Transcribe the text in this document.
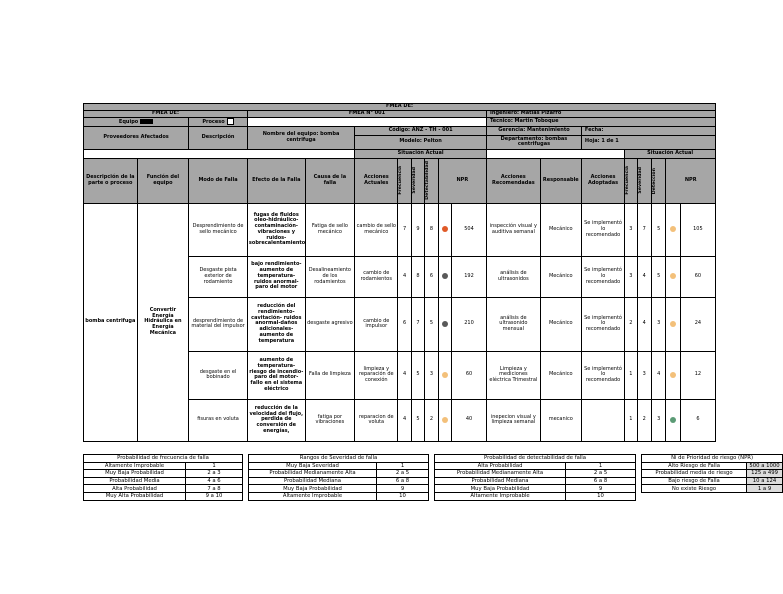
FMEA DE:																		
FMEA DE:			FMEA N° 001								Ingeniero: Matias Pizarro							
Equipo		Proceso									Técnico: Martin Toboque							
Proveedores Afectados		Descripción	Nombre del equipo: bomba centrifuga		Código: ANZ - TH - 001						Gerencia: Mantenimiento		Fecha:					
					Modelo: Pelton						Departamento: bombas centrifugas		Hoja: 1 de 1					
					Situación Actual									Situación Actual				
Descripción de la parte o proceso	Función del equipo	Modo de Falla	Efecto de la Falla	Causa de la falla	Acciones Actuales	Frecuencia	Severidad	Detectabilidad	NPR		Acciones Recomendadas	Responsable	Acciones Adoptadas	Frecuencia	Severidad	Detección	NPR	
bomba centrifuga	Convertir Energía Hidráulica en Energía Mecánica	Desprendimiento de sello mecánico	fugas de fluidos oleo-hidráulico-contaminación-vibraciones y ruidos-sobrecalentamiento	Fatiga de sello mecánico	cambio de sello mecánico	7	9	8		504	inspección visual y auditiva semanal	Mecánico	Se implementó lo recomendado	3	7	5		105
		Desgaste pista exterior de rodamiento	bajo rendimiento-aumento de temperatura-ruidos anormal-paro del motor	Desalineamiento de los rodamientos	cambio de rodamientos	4	8	6		192	análisis de ultrasonidos	Mecánico	Se implementó lo recomendado	3	4	5		60
		desprendimiento de material del impulsor	reducción del rendimiento-cavitación- ruidos anormal-daños adicionales-aumento de temperatura	desgaste agresivo	cambio de impulsor	6	7	5		210	análisis de ultrasonido mensual	Mecánico	Se implementó lo recomendado	2	4	3		24
		desgaste en el bobinado	aumento de temperatura-riesgo de incendio-paro del motor- fallo en el sistema eléctrico	Falla de limpieza	limpieza y reparación de conexión	4	5	3		60	Limpieza y mediciones eléctrica Trimestral	Mecánico	Se implementó lo recomendado	1	3	4		12
		fisuras en voluta	reducción de la velocidad del flujo, perdida de conversión de energías,	fatiga por vibraciones	reparacion de voluta	4	5	2		40	inepecion visual y limpieza semanal	mecanico		1	2	3		6
Probabilidad de frecuencia de falla			Rangos de Severidad de falla			Probabilidad de detectabilidad de falla			Ni de Prioridad de riesgo (NPR)	
Altamente Improbable	1		Muy Baja Severidad	1		Alta Probabilidad	1		Alto Riesgo de Falla	500 a 1000
Muy Baja Probabilidad	2 a 3		Probabilidad Medianamente Alta	2 a 5		Probabilidad Medianamente Alta	2 a 5		Probabilidad media de riesgo	125 a 499
Probabilidad Media	4 a 6		Probabilidad Mediana	6 a 8		Probabilidad Mediana	6 a 8		Bajo riesgo de Falla	10 a 124
Alta Probabilidad	7 a 8		Muy Baja Probabilidad	9		Muy Baja Probabilidad	9		No existe Riesgo	1 a 9
Muy Alta Probabilidad	9 a 10		Altamente Improbable	10		Altamente Improbable	10			
